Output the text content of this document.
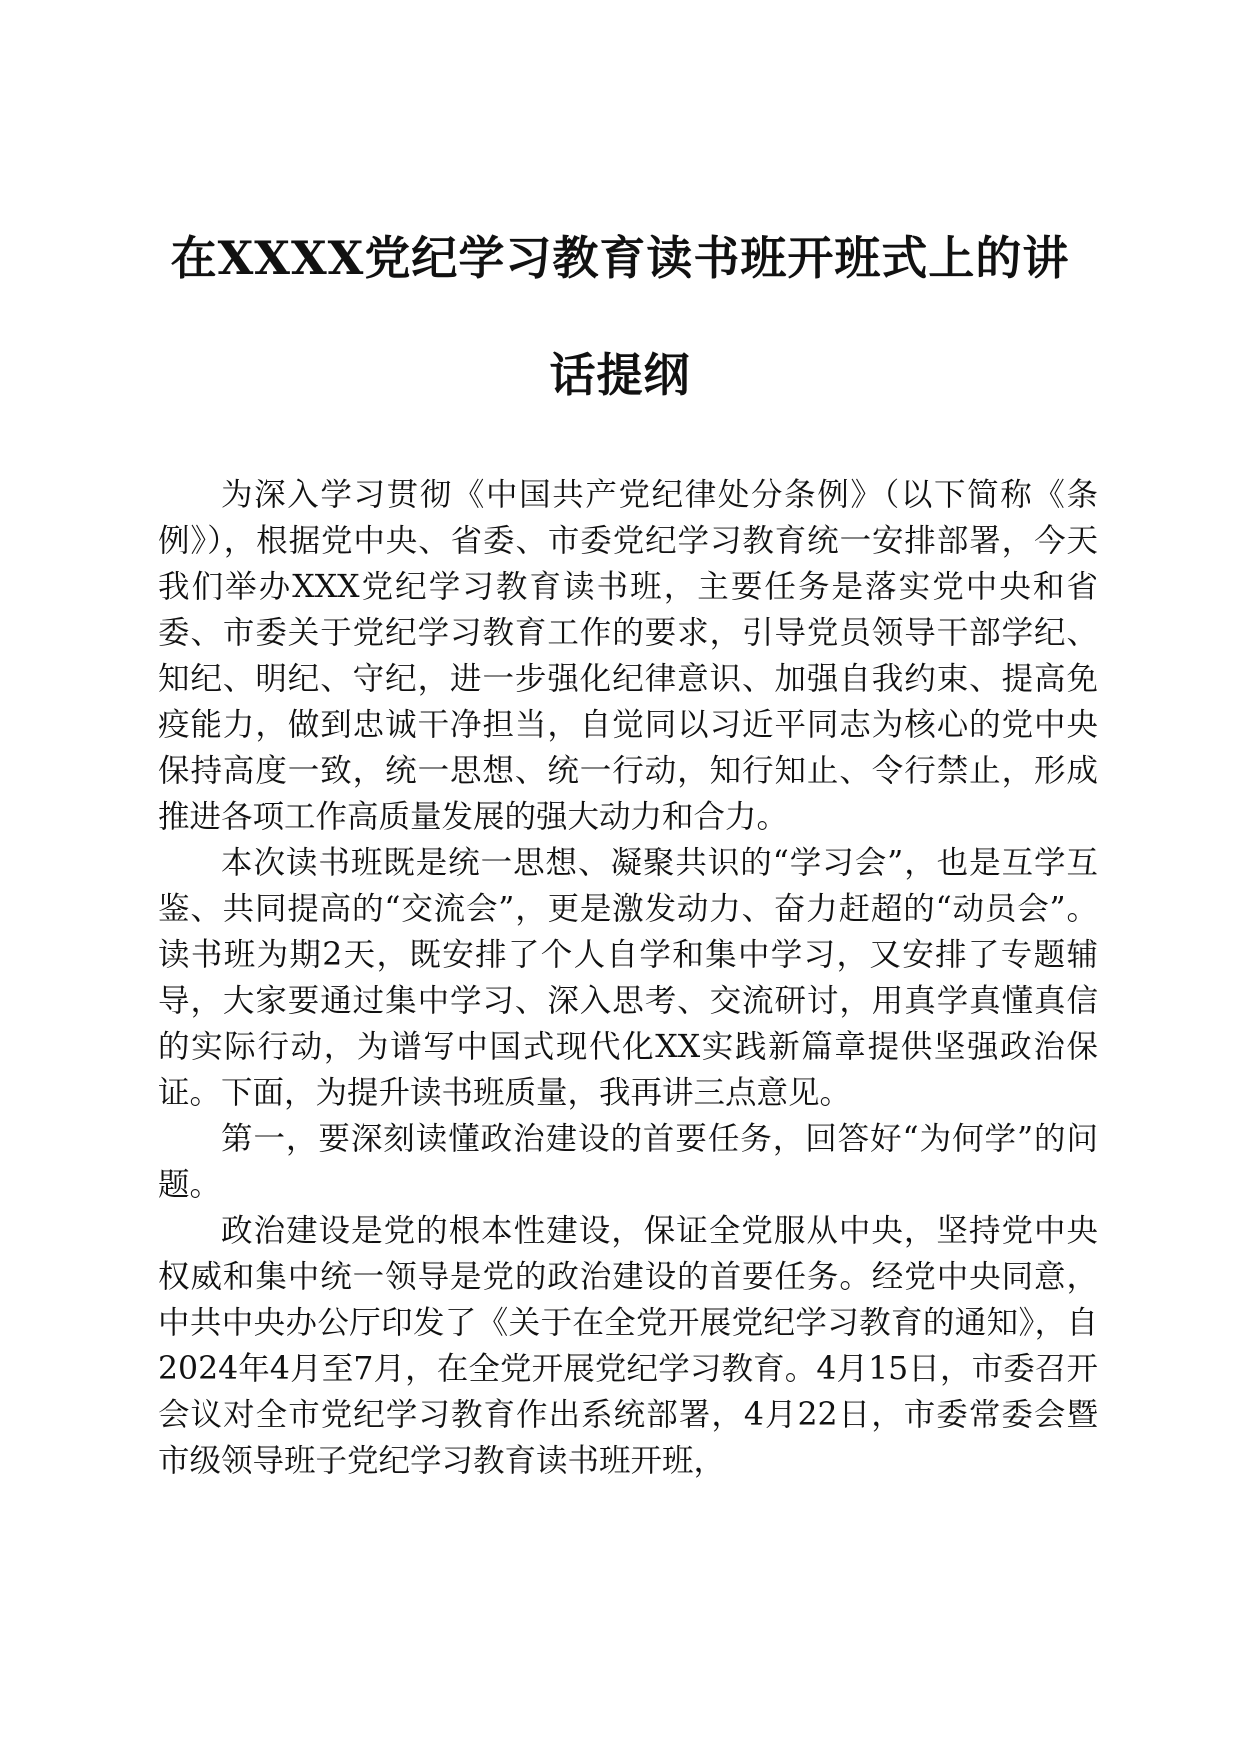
在XXXX党纪学习教育读书班开班式上的讲
话提纲

为深入学习贯彻《中国共产党纪律处分条例》（以下简称《条例》），根据党中央、省委、市委党纪学习教育统一安排部署，今天我们举办XXX党纪学习教育读书班，主要任务是落实党中央和省委、市委关于党纪学习教育工作的要求，引导党员领导干部学纪、知纪、明纪、守纪，进一步强化纪律意识、加强自我约束、提高免疫能力，做到忠诚干净担当，自觉同以习近平同志为核心的党中央保持高度一致，统一思想、统一行动，知行知止、令行禁止，形成推进各项工作高质量发展的强大动力和合力。

本次读书班既是统一思想、凝聚共识的“学习会”，也是互学互鉴、共同提高的“交流会”，更是激发动力、奋力赶超的“动员会”。读书班为期2天，既安排了个人自学和集中学习，又安排了专题辅导，大家要通过集中学习、深入思考、交流研讨，用真学真懂真信的实际行动，为谱写中国式现代化XX实践新篇章提供坚强政治保证。下面，为提升读书班质量，我再讲三点意见。

第一，要深刻读懂政治建设的首要任务，回答好“为何学”的问题。

政治建设是党的根本性建设，保证全党服从中央，坚持党中央权威和集中统一领导是党的政治建设的首要任务。经党中央同意，中共中央办公厅印发了《关于在全党开展党纪学习教育的通知》，自2024年4月至7月，在全党开展党纪学习教育。4月15日，市委召开会议对全市党纪学习教育作出系统部署，4月22日，市委常委会暨市级领导班子党纪学习教育读书班开班，
